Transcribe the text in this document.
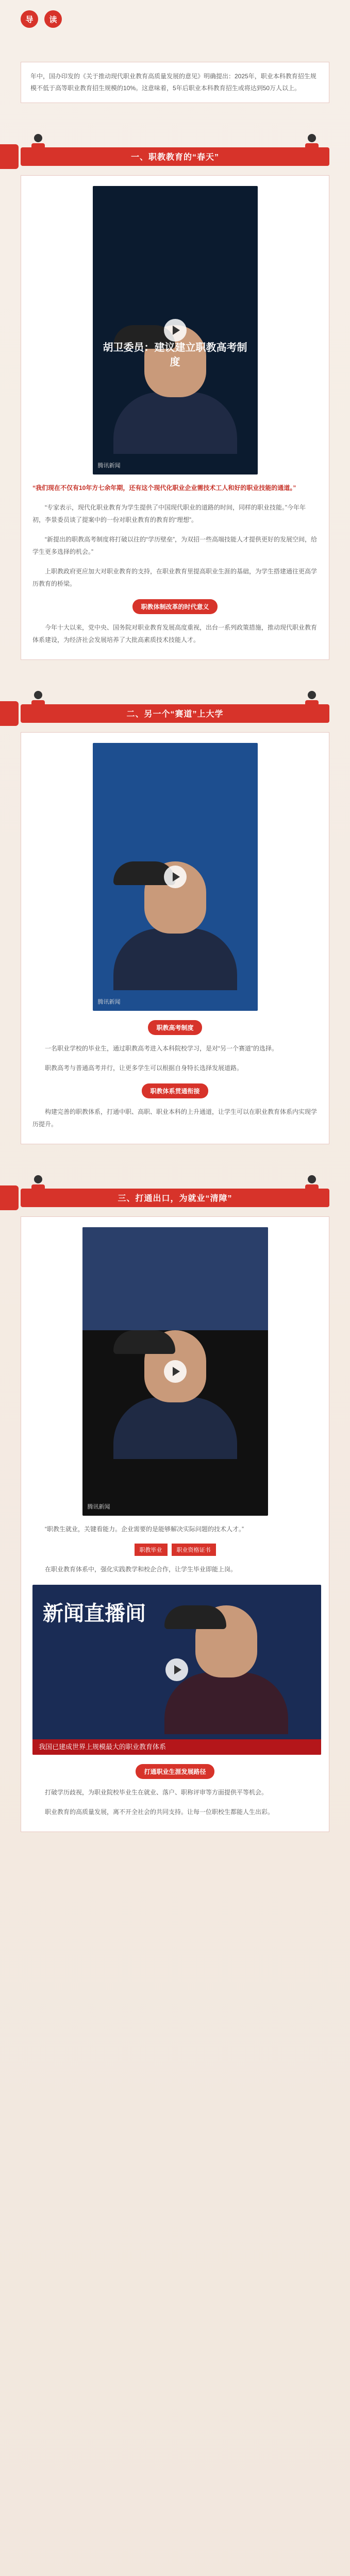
导	读

年中，国办印发的《关于推动现代职业教育高质量发展的意见》明确提出：2025年，职业本科教育招生规模不低于高等职业教育招生规模的10%。这意味着，5年后职业本科教育招生或将达到50万人以上。

一、职教教育的“春天”
胡卫委员：建议建立职教高考制度
腾讯新闻

“我们现在不仅有10年方七余年期，还有这个现代化职业企业需技术工人和好的职业技能的通道。”

“专家表示，现代化职业教育为学生提供了中国现代职业的道路的时间，同样的职业技能。”今年年初，李景委员谈了提案中的一份对职业教育的教育的“理想”。

“新提出的职教高考制度将打破以往的“学历壁垒”，为双招一些高端技能人才提供更好的发展空间，给学生更多选择的机会。”

上职教政府更应加大对职业教育的支持，在职业教育里提高职业生涯的基础，为学生搭建通往更高学历教育的桥梁。

职教体制改革的时代意义

今年十大以来，党中央、国务院对职业教育发展高度重视，出台一系列政策措施，推动现代职业教育体系建设，为经济社会发展培养了大批高素质技术技能人才。

二、另一个“赛道”上大学
腾讯新闻
职教高考制度

一名职业学校的毕业生，通过职教高考进入本科院校学习，是对“另一个赛道”的选择。

职教高考与普通高考并行，让更多学生可以根据自身特长选择发展道路。

职教体系贯通衔接

构建完善的职教体系，打通中职、高职、职业本科的上升通道，让学生可以在职业教育体系内实现学历提升。

三、打通出口，为就业“清障”
腾讯新闻

“职教生就业，关键看能力。企业需要的是能够解决实际问题的技术人才。”

职教毕业	职业资格证书

在职业教育体系中，强化实践教学和校企合作，让学生毕业即能上岗。

新闻直播间
我国已建成世界上规模最大的职业教育体系
打通职业生涯发展路径

打破学历歧视，为职业院校毕业生在就业、落户、职称评审等方面提供平等机会。

职业教育的高质量发展，离不开全社会的共同支持。让每一位职校生都能人生出彩。
